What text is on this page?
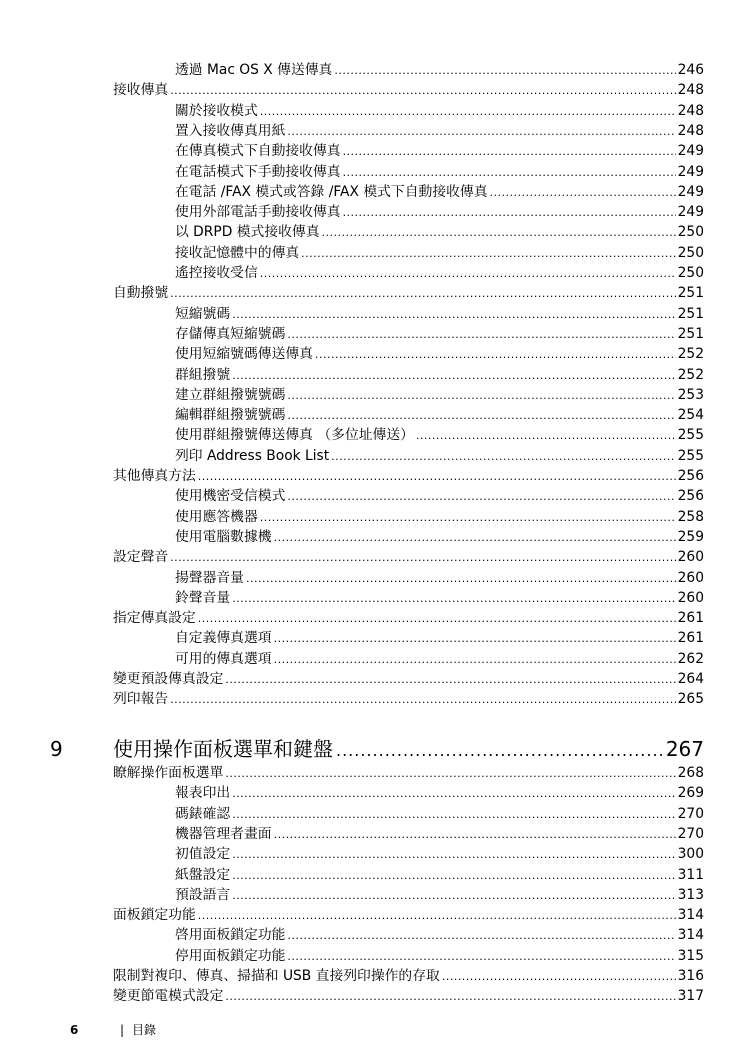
透過 Mac OS X 傳送傳真 .....	246
接收傳真 .....	248
關於接收模式 .....	248
置入接收傳真用紙 .....	248
在傳真模式下自動接收傳真 .....	249
在電話模式下手動接收傳真 .....	249
在電話 /FAX 模式或答錄 /FAX 模式下自動接收傳真 .....	249
使用外部電話手動接收傳真 .....	249
以 DRPD 模式接收傳真 .....	250
接收記憶體中的傳真 .....	250
遙控接收受信 .....	250
自動撥號 .....	251
短縮號碼 .....	251
存儲傳真短縮號碼 .....	251
使用短縮號碼傳送傳真 .....	252
群組撥號 .....	252
建立群組撥號號碼 .....	253
編輯群組撥號號碼 .....	254
使用群組撥號傳送傳真 （多位址傳送） .....	255
列印 Address Book List .....	255
其他傳真方法 .....	256
使用機密受信模式 .....	256
使用應答機器 .....	258
使用電腦數據機 .....	259
設定聲音 .....	260
揚聲器音量 .....	260
鈴聲音量 .....	260
指定傳真設定 .....	261
自定義傳真選項 .....	261
可用的傳真選項 .....	262
變更預設傳真設定 .....	264
列印報告 .....	265
瞭解操作面板選單 .....	268
報表印出 .....	269
碼錶確認 .....	270
機器管理者畫面 .....	270
初值設定 .....	300
紙盤設定 .....	311
預設語言 .....	313
面板鎖定功能 .....	314
啓用面板鎖定功能 .....	314
停用面板鎖定功能 .....	315
限制對複印、傳真、掃描和 USB 直接列印操作的存取 .....	316
變更節電模式設定 .....	317
9	使用操作面板選單和鍵盤 .....	267
6	| 目錄
